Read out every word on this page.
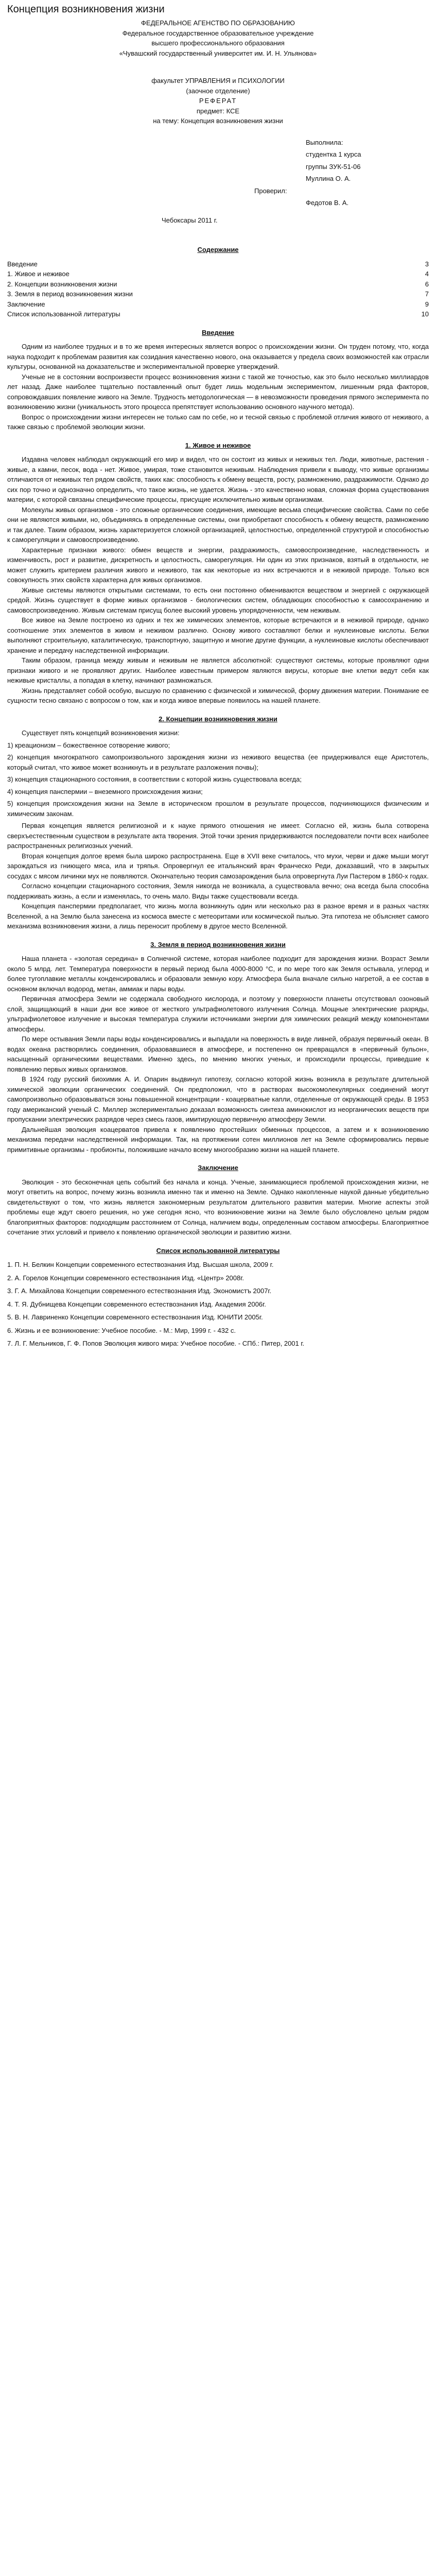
Концепция возникновения жизни

ФЕДЕРАЛЬНОЕ АГЕНСТВО ПО ОБРАЗОВАНИЮ

Федеральное государственное образовательное учреждение

высшего профессионального образования

«Чувашский государственный университет им. И. Н. Ульянова»

факультет УПРАВЛЕНИЯ и ПСИХОЛОГИИ

(заочное отделение)

РЕФЕРАТ

предмет: КСЕ

на тему: Концепция возникновения жизни

Выполнила:

студентка 1 курса

группы ЗУК-51-06

Муллина О. А.

Проверил:

Федотов В. А.

Чебоксары 2011 г.

Содержание
Введение	3
1. Живое и неживое	4
2. Концепции возникновения жизни	6
3. Земля в период возникновения жизни	7
Заключение	9
Список использованной литературы	10
Введение

Одним из наиболее трудных и в то же время интересных является вопрос о происхождении жизни. Он труден потому, что, когда наука подходит к проблемам развития как созидания качественно нового, она оказывается у предела своих возможностей как отрасли культуры, основанной на доказательстве и экспериментальной проверке утверждений.

Ученые не в состоянии воспроизвести процесс возникновения жизни с такой же точностью, как это было несколько миллиардов лет назад. Даже наиболее тщательно поставленный опыт будет лишь модельным экспериментом, лишенным ряда факторов, сопровождавших появление живого на Земле. Трудность методологическая — в невозможности проведения прямого эксперимента по возникновению жизни (уникальность этого процесса препятствует использованию основного научного метода).

Вопрос о происхождении жизни интересен не только сам по себе, но и тесной связью с проблемой отличия живого от неживого, а также связью с проблемой эволюции жизни.

1. Живое и неживое

Издавна человек наблюдал окружающий его мир и видел, что он состоит из живых и неживых тел. Люди, животные, растения - живые, а камни, песок, вода - нет. Живое, умирая, тоже становится неживым. Наблюдения привели к выводу, что живые организмы отличаются от неживых тел рядом свойств, таких как: способность к обмену веществ, росту, размножению, раздражимости. Однако до сих пор точно и однозначно определить, что такое жизнь, не удается. Жизнь - это качественно новая, сложная форма существования материи, с которой связаны специфические процессы, присущие исключительно живым организмам.

Молекулы живых организмов - это сложные органические соединения, имеющие весьма специфические свойства. Сами по себе они не являются живыми, но, объединяясь в определенные системы, они приобретают способность к обмену веществ, размножению и так далее. Таким образом, жизнь характеризуется сложной организацией, целостностью, определенной структурой и способностью к саморегуляции и самовоспроизведению.

Характерные признаки живого: обмен веществ и энергии, раздражимость, самовоспроизведение, наследственность и изменчивость, рост и развитие, дискретность и целостность, саморегуляция. Ни один из этих признаков, взятый в отдельности, не может служить критерием различия живого и неживого, так как некоторые из них встречаются и в неживой природе. Только вся совокупность этих свойств характерна для живых организмов.

Живые системы являются открытыми системами, то есть они постоянно обмениваются веществом и энергией с окружающей средой. Жизнь существует в форме живых организмов - биологических систем, обладающих способностью к самосохранению и самовоспроизведению. Живым системам присущ более высокий уровень упорядоченности, чем неживым.

Все живое на Земле построено из одних и тех же химических элементов, которые встречаются и в неживой природе, однако соотношение этих элементов в живом и неживом различно. Основу живого составляют белки и нуклеиновые кислоты. Белки выполняют строительную, каталитическую, транспортную, защитную и многие другие функции, а нуклеиновые кислоты обеспечивают хранение и передачу наследственной информации.

Таким образом, граница между живым и неживым не является абсолютной: существуют системы, которые проявляют одни признаки живого и не проявляют других. Наиболее известным примером являются вирусы, которые вне клетки ведут себя как неживые кристаллы, а попадая в клетку, начинают размножаться.

Жизнь представляет собой особую, высшую по сравнению с физической и химической, форму движения материи. Понимание ее сущности тесно связано с вопросом о том, как и когда живое впервые появилось на нашей планете.

2. Концепции возникновения жизни

Существует пять концепций возникновения жизни:

1) креационизм – божественное сотворение живого;

2) концепция многократного самопроизвольного зарождения жизни из неживого вещества (ее придерживался еще Аристотель, который считал, что живое может возникнуть и в результате разложения почвы);

3) концепция стационарного состояния, в соответствии с которой жизнь существовала всегда;

4) концепция панспермии – внеземного происхождения жизни;

5) концепция происхождения жизни на Земле в историческом прошлом в результате процессов, подчиняющихся физическим и химическим законам.

Первая концепция является религиозной и к науке прямого отношения не имеет. Согласно ей, жизнь была сотворена сверхъестественным существом в результате акта творения. Этой точки зрения придерживаются последователи почти всех наиболее распространенных религиозных учений.

Вторая концепция долгое время была широко распространена. Еще в XVII веке считалось, что мухи, черви и даже мыши могут зарождаться из гниющего мяса, ила и тряпья. Опровергнул ее итальянский врач Франческо Реди, доказавший, что в закрытых сосудах с мясом личинки мух не появляются. Окончательно теория самозарождения была опровергнута Луи Пастером в 1860-х годах.

Согласно концепции стационарного состояния, Земля никогда не возникала, а существовала вечно; она всегда была способна поддерживать жизнь, а если и изменялась, то очень мало. Виды также существовали всегда.

Концепция панспермии предполагает, что жизнь могла возникнуть один или несколько раз в разное время и в разных частях Вселенной, а на Землю была занесена из космоса вместе с метеоритами или космической пылью. Эта гипотеза не объясняет самого механизма возникновения жизни, а лишь переносит проблему в другое место Вселенной.

3. Земля в период возникновения жизни

Наша планета - «золотая середина» в Солнечной системе, которая наиболее подходит для зарождения жизни. Возраст Земли около 5 млрд. лет. Температура поверхности в первый период была 4000-8000 °С, и по мере того как Земля остывала, углерод и более тугоплавкие металлы конденсировались и образовали земную кору. Атмосфера была вначале сильно нагретой, а ее состав в основном включал водород, метан, аммиак и пары воды.

Первичная атмосфера Земли не содержала свободного кислорода, и поэтому у поверхности планеты отсутствовал озоновый слой, защищающий в наши дни все живое от жесткого ультрафиолетового излучения Солнца. Мощные электрические разряды, ультрафиолетовое излучение и высокая температура служили источниками энергии для химических реакций между компонентами атмосферы.

По мере остывания Земли пары воды конденсировались и выпадали на поверхность в виде ливней, образуя первичный океан. В водах океана растворялись соединения, образовавшиеся в атмосфере, и постепенно он превращался в «первичный бульон», насыщенный органическими веществами. Именно здесь, по мнению многих ученых, и происходили процессы, приведшие к появлению первых живых организмов.

В 1924 году русский биохимик А. И. Опарин выдвинул гипотезу, согласно которой жизнь возникла в результате длительной химической эволюции органических соединений. Он предположил, что в растворах высокомолекулярных соединений могут самопроизвольно образовываться зоны повышенной концентрации - коацерватные капли, отделенные от окружающей среды. В 1953 году американский ученый С. Миллер экспериментально доказал возможность синтеза аминокислот из неорганических веществ при пропускании электрических разрядов через смесь газов, имитирующую первичную атмосферу Земли.

Дальнейшая эволюция коацерватов привела к появлению простейших обменных процессов, а затем и к возникновению механизма передачи наследственной информации. Так, на протяжении сотен миллионов лет на Земле сформировались первые примитивные организмы - пробионты, положившие начало всему многообразию жизни на нашей планете.

Заключение

Эволюция - это бесконечная цепь событий без начала и конца. Ученые, занимающиеся проблемой происхождения жизни, не могут ответить на вопрос, почему жизнь возникла именно так и именно на Земле. Однако накопленные наукой данные убедительно свидетельствуют о том, что жизнь является закономерным результатом длительного развития материи. Многие аспекты этой проблемы еще ждут своего решения, но уже сегодня ясно, что возникновение жизни на Земле было обусловлено целым рядом благоприятных факторов: подходящим расстоянием от Солнца, наличием воды, определенным составом атмосферы. Благоприятное сочетание этих условий и привело к появлению органической эволюции и развитию жизни.

Список использованной литературы

1. П. Н. Белкин Концепции современного естествознания Изд. Высшая школа, 2009 г.

2. А. Горелов Концепции современного естествознания Изд. «Центр» 2008г.

3. Г. А. Михайлова Концепции современного естествознания Изд. Экономистъ 2007г.

4. Т. Я. Дубнищева Концепции современного естествознания Изд. Академия 2006г.

5. В. Н. Лавриненко Концепции современного естествознания Изд. ЮНИТИ 2005г.

6. Жизнь и ее возникновение: Учебное пособие. - М.: Мир, 1999 г. - 432 с.

7. Л. Г. Мельников, Г. Ф. Попов Эволюция живого мира: Учебное пособие. - СПб.: Питер, 2001 г.
